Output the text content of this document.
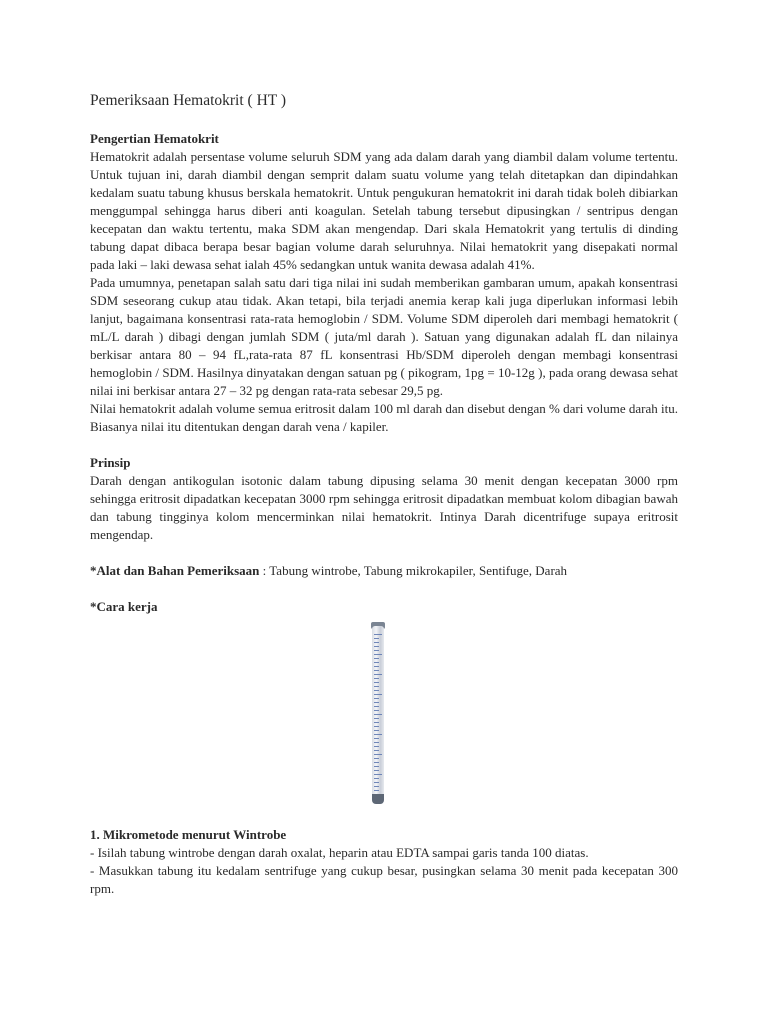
Pemeriksaan Hematokrit ( HT )
Pengertian Hematokrit

Hematokrit adalah persentase volume seluruh SDM yang ada dalam darah yang diambil dalam volume tertentu. Untuk tujuan ini, darah diambil dengan semprit dalam suatu volume yang telah ditetapkan dan dipindahkan kedalam suatu tabung khusus berskala hematokrit. Untuk pengukuran hematokrit ini darah tidak boleh dibiarkan menggumpal sehingga harus diberi anti koagulan. Setelah tabung tersebut dipusingkan / sentripus dengan kecepatan dan waktu tertentu, maka SDM akan mengendap. Dari skala Hematokrit yang tertulis di dinding tabung dapat dibaca berapa besar bagian volume darah seluruhnya. Nilai hematokrit yang disepakati normal pada laki – laki dewasa sehat ialah 45% sedangkan untuk wanita dewasa adalah 41%.

Pada umumnya, penetapan salah satu dari tiga nilai ini sudah memberikan gambaran umum, apakah konsentrasi SDM seseorang cukup atau tidak. Akan tetapi, bila terjadi anemia kerap kali juga diperlukan informasi lebih lanjut, bagaimana konsentrasi rata-rata hemoglobin / SDM. Volume SDM diperoleh dari membagi hematokrit ( mL/L darah ) dibagi dengan jumlah SDM ( juta/ml darah ). Satuan yang digunakan adalah fL dan nilainya berkisar antara 80 – 94 fL,rata-rata 87 fL konsentrasi Hb/SDM diperoleh dengan membagi konsentrasi hemoglobin / SDM. Hasilnya dinyatakan dengan satuan pg ( pikogram, 1pg = 10-12g ), pada orang dewasa sehat nilai ini berkisar antara 27 – 32 pg dengan rata-rata sebesar 29,5 pg.

Nilai hematokrit adalah volume semua eritrosit dalam 100 ml darah dan disebut dengan % dari volume darah itu. Biasanya nilai itu ditentukan dengan darah vena / kapiler.

Prinsip

Darah dengan antikogulan isotonic dalam tabung dipusing selama 30 menit dengan kecepatan 3000 rpm sehingga eritrosit dipadatkan kecepatan 3000 rpm sehingga eritrosit dipadatkan membuat kolom dibagian bawah dan tabung tingginya kolom mencerminkan nilai hematokrit. Intinya Darah dicentrifuge supaya eritrosit mengendap.

*Alat dan Bahan Pemeriksaan : Tabung wintrobe, Tabung mikrokapiler, Sentifuge, Darah

*Cara kerja
1. Mikrometode menurut Wintrobe

- Isilah tabung wintrobe dengan darah oxalat, heparin atau EDTA sampai garis tanda 100 diatas.

- Masukkan tabung itu kedalam sentrifuge yang cukup besar, pusingkan selama 30 menit pada kecepatan 300 rpm.
